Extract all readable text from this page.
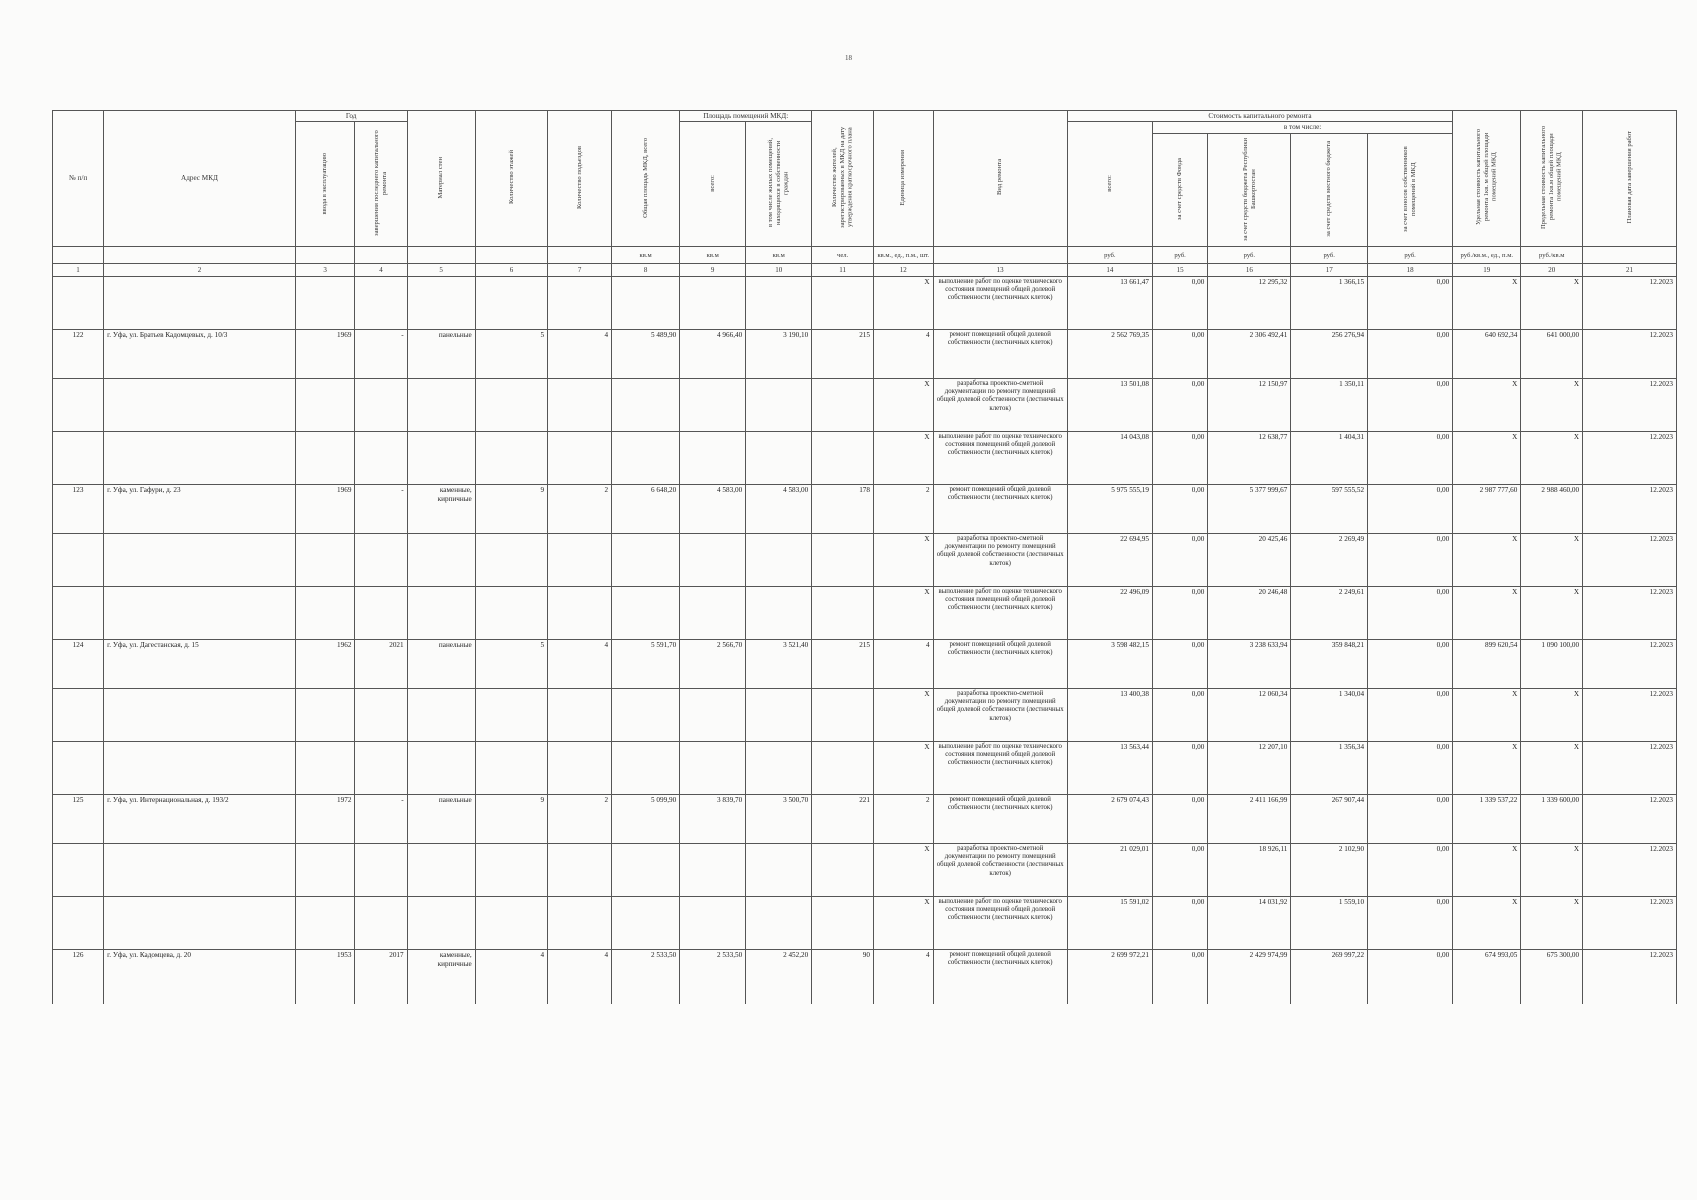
18
№ п/п	Адрес МКД	Год		Материал стен	Количество этажей	Количество подъездов	Общая площадь МКД, всего	Площадь помещений МКД:		Количество жителей, зарегистрированных в МКД на дату утверждения краткосрочного плана	Единица измерения	Вид ремонта	Стоимость капитального ремонта					Удельная стоимость капитального ремонта 1кв. м общей площади помещений МКД	Предельная стоимость капитального ремонта 1кв.м общей площади помещений МКД	Плановая дата завершения работ
		ввода в эксплуатацию	завершения последнего капитального ремонта					всего:	в том числе жилых помещений, находящихся в собственности граждан				всего:	в том числе:						
														за счет средств Фонда	за счет средств бюджета Республики Башкортостан	за счет средств местного бюджета	за счет взносов собственников помещений в МКД			
							кв.м	кв.м	кв.м	чел.	кв.м., ед., п.м., шт.		руб.	руб.	руб.	руб.	руб.	руб./кв.м., ед., п.м.	руб./кв.м	
1	2	3	4	5	6	7	8	9	10	11	12	13	14	15	16	17	18	19	20	21
											X	выполнение работ по оценке технического состояния помещений общей долевой собственности (лестничных клеток)	13 661,47	0,00	12 295,32	1 366,15	0,00	X	X	12.2023
122	г. Уфа, ул. Братьев Кадомцевых, д. 10/3	1969	-	панельные	5	4	5 489,90	4 966,40	3 190,10	215	4	ремонт помещений общей долевой собственности (лестничных клеток)	2 562 769,35	0,00	2 306 492,41	256 276,94	0,00	640 692,34	641 000,00	12.2023
											X	разработка проектно-сметной документации по ремонту помещений общей долевой собственности (лестничных клеток)	13 501,08	0,00	12 150,97	1 350,11	0,00	X	X	12.2023
											X	выполнение работ по оценке технического состояния помещений общей долевой собственности (лестничных клеток)	14 043,08	0,00	12 638,77	1 404,31	0,00	X	X	12.2023
123	г. Уфа, ул. Гафури, д. 23	1969	-	каменные, кирпичные	9	2	6 648,20	4 583,00	4 583,00	178	2	ремонт помещений общей долевой собственности (лестничных клеток)	5 975 555,19	0,00	5 377 999,67	597 555,52	0,00	2 987 777,60	2 988 460,00	12.2023
											X	разработка проектно-сметной документации по ремонту помещений общей долевой собственности (лестничных клеток)	22 694,95	0,00	20 425,46	2 269,49	0,00	X	X	12.2023
											X	выполнение работ по оценке технического состояния помещений общей долевой собственности (лестничных клеток)	22 496,09	0,00	20 246,48	2 249,61	0,00	X	X	12.2023
124	г. Уфа, ул. Дагестанская, д. 15	1962	2021	панельные	5	4	5 591,70	2 566,70	3 521,40	215	4	ремонт помещений общей долевой собственности (лестничных клеток)	3 598 482,15	0,00	3 238 633,94	359 848,21	0,00	899 620,54	1 090 100,00	12.2023
											X	разработка проектно-сметной документации по ремонту помещений общей долевой собственности (лестничных клеток)	13 400,38	0,00	12 060,34	1 340,04	0,00	X	X	12.2023
											X	выполнение работ по оценке технического состояния помещений общей долевой собственности (лестничных клеток)	13 563,44	0,00	12 207,10	1 356,34	0,00	X	X	12.2023
125	г. Уфа, ул. Интернациональная, д. 193/2	1972	-	панельные	9	2	5 099,90	3 839,70	3 500,70	221	2	ремонт помещений общей долевой собственности (лестничных клеток)	2 679 074,43	0,00	2 411 166,99	267 907,44	0,00	1 339 537,22	1 339 600,00	12.2023
											X	разработка проектно-сметной документации по ремонту помещений общей долевой собственности (лестничных клеток)	21 029,01	0,00	18 926,11	2 102,90	0,00	X	X	12.2023
											X	выполнение работ по оценке технического состояния помещений общей долевой собственности (лестничных клеток)	15 591,02	0,00	14 031,92	1 559,10	0,00	X	X	12.2023
126	г. Уфа, ул. Кадомцева, д. 20	1953	2017	каменные, кирпичные	4	4	2 533,50	2 533,50	2 452,20	90	4	ремонт помещений общей долевой собственности (лестничных клеток)	2 699 972,21	0,00	2 429 974,99	269 997,22	0,00	674 993,05	675 300,00	12.2023
